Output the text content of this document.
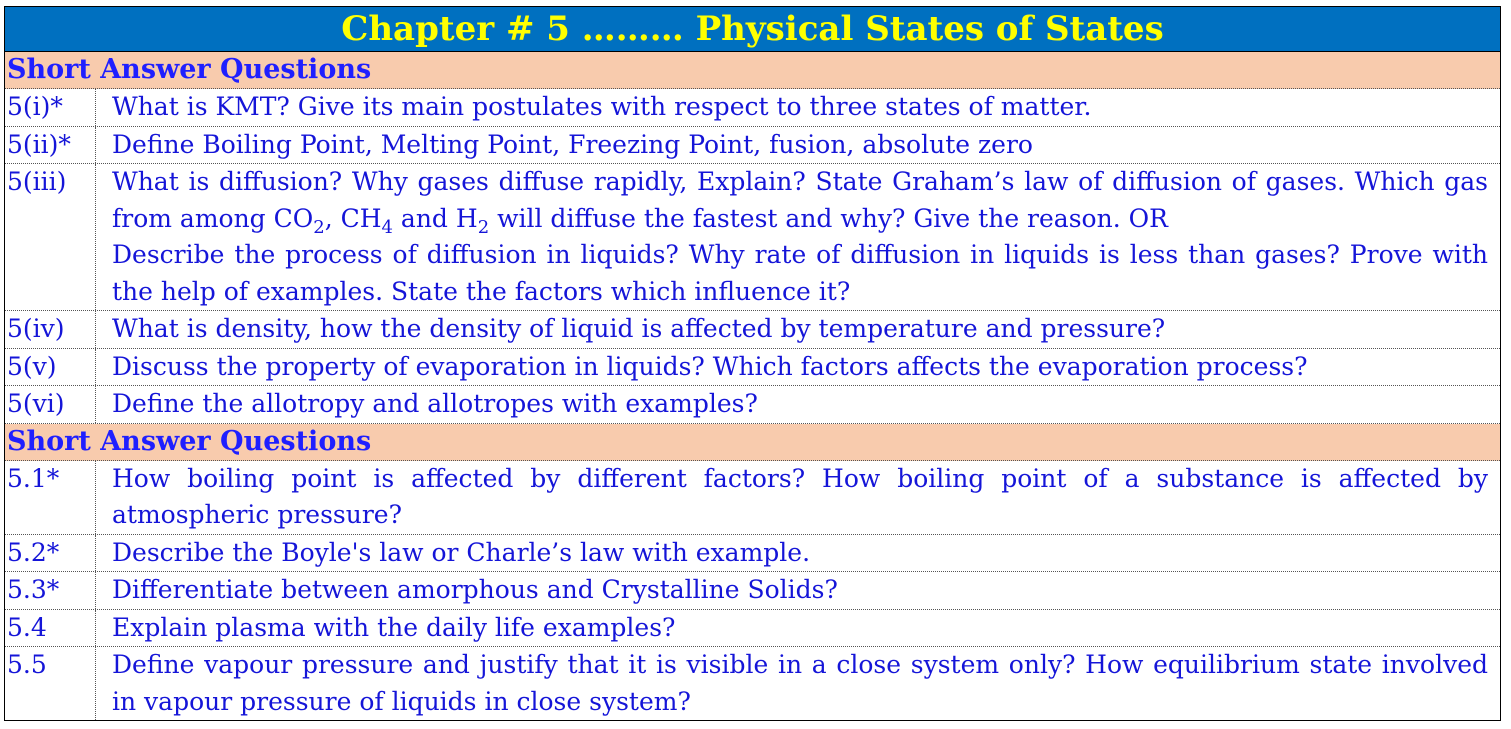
Chapter # 5 ……… Physical States of States
Short Answer Questions
5(i)*	What is KMT? Give its main postulates with respect to three states of matter.
5(ii)*	Define Boiling Point, Melting Point, Freezing Point, fusion, absolute zero
5(iii)	What is diffusion? Why gases diffuse rapidly, Explain? State Graham’s law of diffusion of gases. Which gas from among $CO_2$, $CH_4$ and $H_2$ will diffuse the fastest and why? Give the reason. OR

Describe the process of diffusion in liquids? Why rate of diffusion in liquids is less than gases? Prove with the help of examples. State the factors which influence it?

5(iv)	What is density, how the density of liquid is affected by temperature and pressure?
5(v)	Discuss the property of evaporation in liquids? Which factors affects the evaporation process?
5(vi)	Define the allotropy and allotropes with examples?
Short Answer Questions
5.1*	How boiling point is affected by different factors? How boiling point of a substance is affected by atmospheric pressure?
5.2*	Describe the Boyle's law or Charle’s law with example.
5.3*	Differentiate between amorphous and Crystalline Solids?
5.4	Explain plasma with the daily life examples?
5.5	Define vapour pressure and justify that it is visible in a close system only? How equilibrium state involved in vapour pressure of liquids in close system?
